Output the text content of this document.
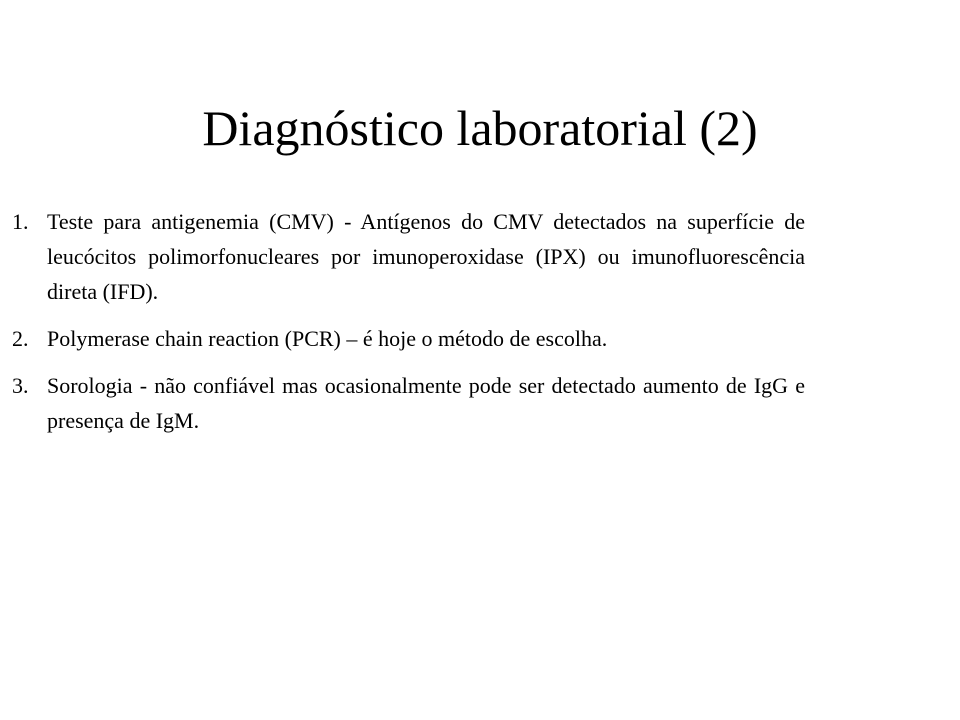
Diagnóstico laboratorial (2)
1. Teste para antigenemia (CMV) - Antígenos do CMV detectados na superfície de leucócitos polimorfonucleares por imunoperoxidase (IPX) ou imunofluorescência direta (IFD).
2. Polymerase chain reaction (PCR) – é hoje o método de escolha.
3. Sorologia - não confiável mas ocasionalmente pode ser detectado aumento de IgG e presença de IgM.
